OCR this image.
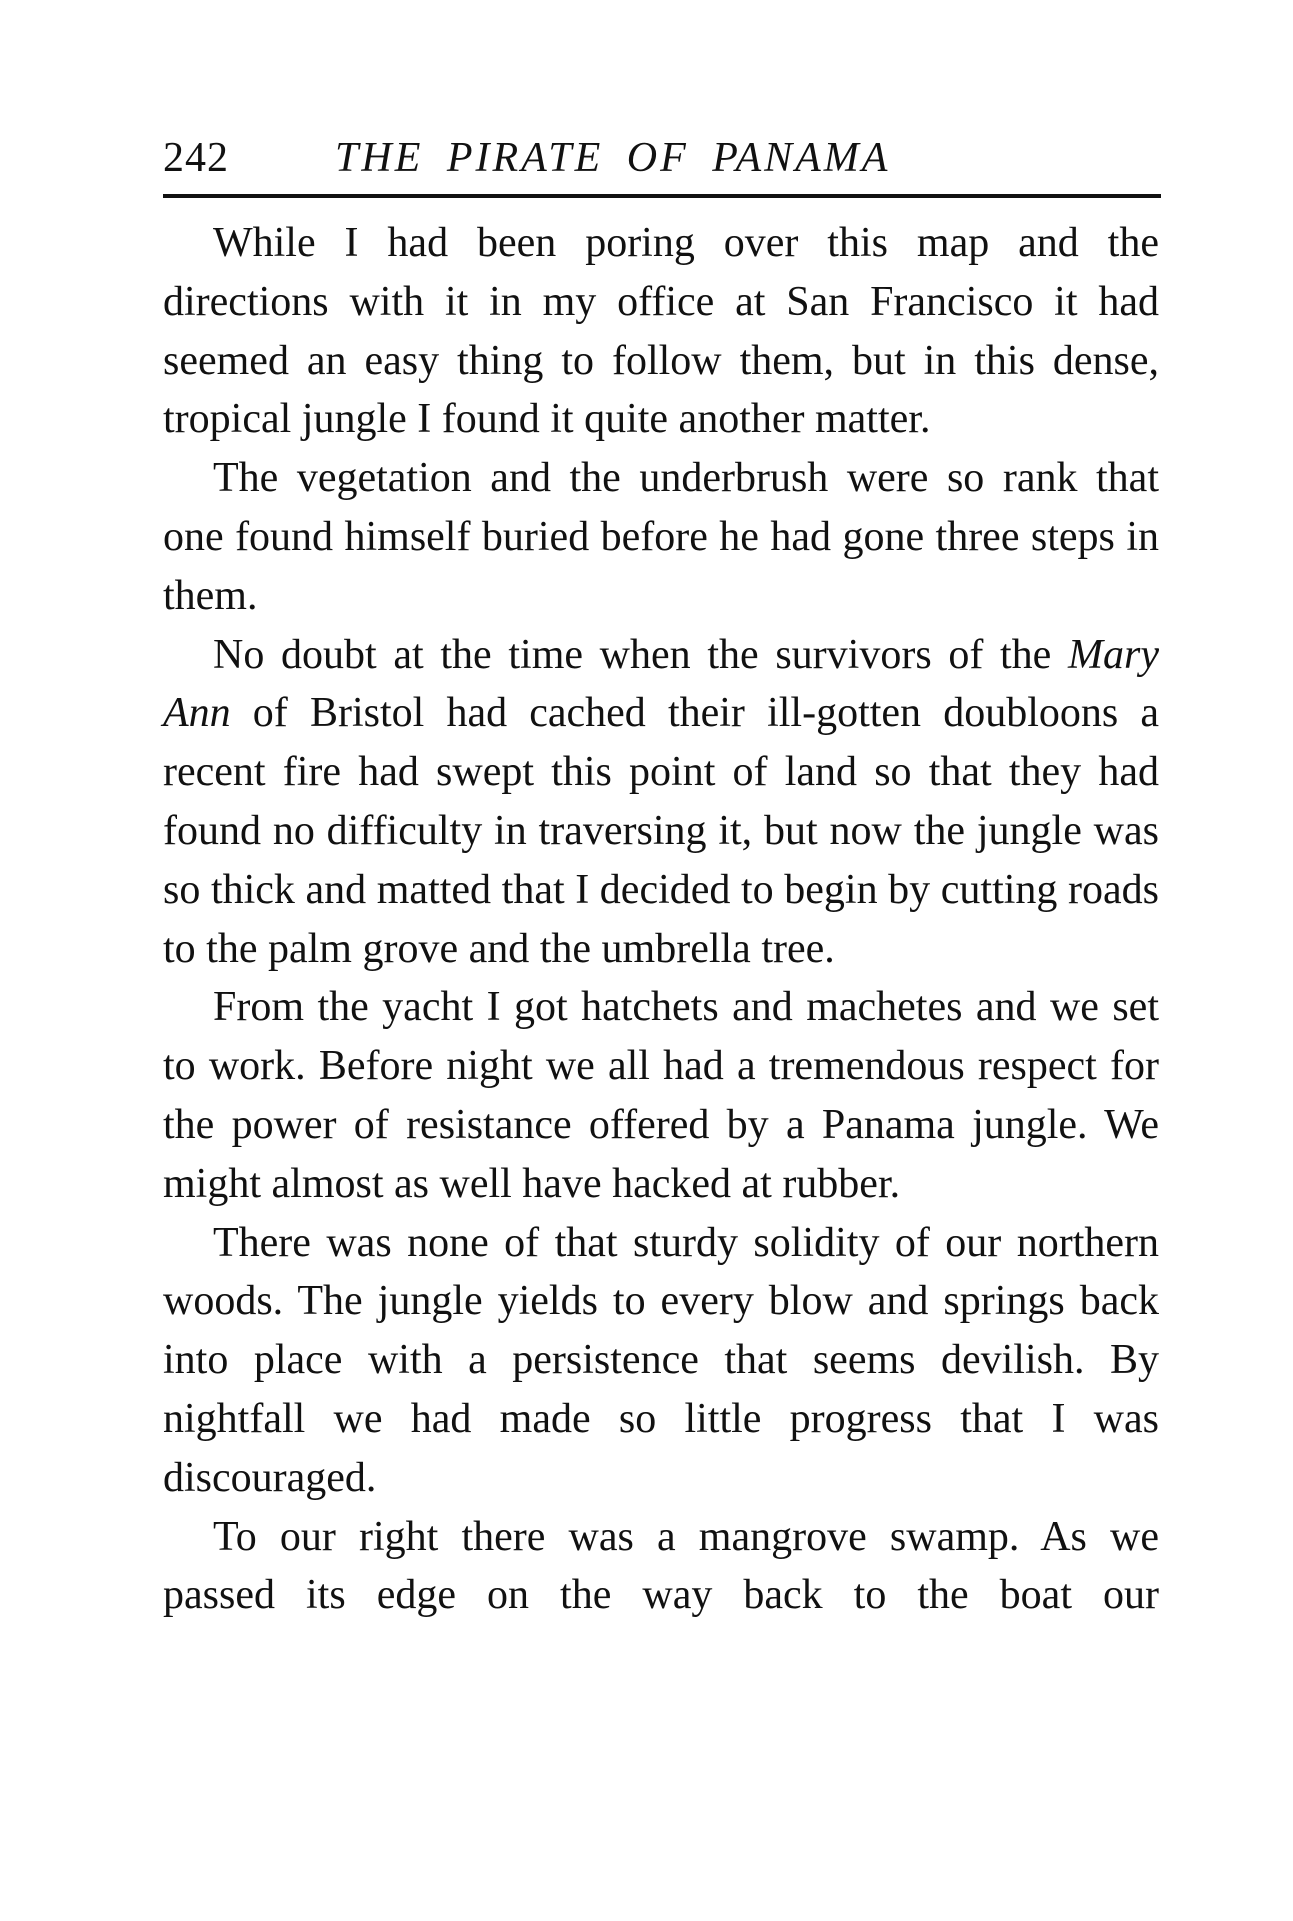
242	THE PIRATE OF PANAMA

While I had been poring over this map and the directions with it in my office at San Francisco it had seemed an easy thing to follow them, but in this dense, tropical jungle I found it quite another matter.

The vegetation and the underbrush were so rank that one found himself buried before he had gone three steps in them.

No doubt at the time when the survivors of the Mary Ann of Bristol had cached their ill-gotten doubloons a recent fire had swept this point of land so that they had found no difficulty in traversing it, but now the jungle was so thick and matted that I decided to begin by cutting roads to the palm grove and the umbrella tree.

From the yacht I got hatchets and machetes and we set to work. Before night we all had a tremendous respect for the power of resistance offered by a Panama jungle. We might almost as well have hacked at rubber.

There was none of that sturdy solidity of our northern woods. The jungle yields to every blow and springs back into place with a persistence that seems devilish. By nightfall we had made so little progress that I was discouraged.

To our right there was a mangrove swamp. As we passed its edge on the way back to the boat our
